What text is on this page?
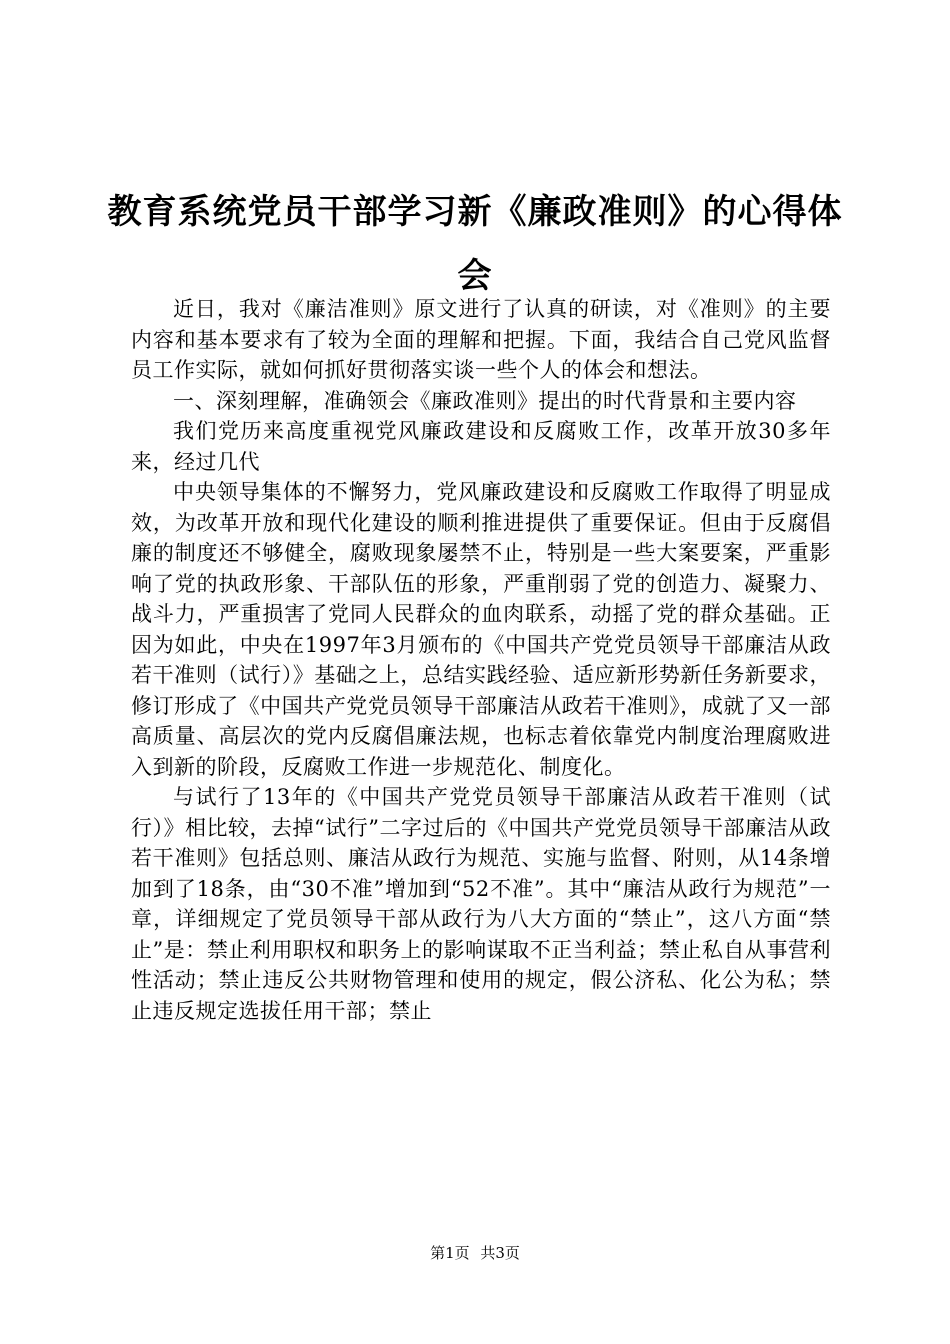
教育系统党员干部学习新《廉政准则》的心得体会

近日，我对《廉洁准则》原文进行了认真的研读，对《准则》的主要内容和基本要求有了较为全面的理解和把握。下面，我结合自己党风监督员工作实际，就如何抓好贯彻落实谈一些个人的体会和想法。

一、深刻理解，准确领会《廉政准则》提出的时代背景和主要内容

我们党历来高度重视党风廉政建设和反腐败工作，改革开放30多年来，经过几代

中央领导集体的不懈努力，党风廉政建设和反腐败工作取得了明显成效，为改革开放和现代化建设的顺利推进提供了重要保证。但由于反腐倡廉的制度还不够健全，腐败现象屡禁不止，特别是一些大案要案，严重影响了党的执政形象、干部队伍的形象，严重削弱了党的创造力、凝聚力、战斗力，严重损害了党同人民群众的血肉联系，动摇了党的群众基础。正因为如此，中央在1997年3月颁布的《中国共产党党员领导干部廉洁从政若干准则（试行）》基础之上，总结实践经验、适应新形势新任务新要求，修订形成了《中国共产党党员领导干部廉洁从政若干准则》，成就了又一部高质量、高层次的党内反腐倡廉法规，也标志着依靠党内制度治理腐败进入到新的阶段，反腐败工作进一步规范化、制度化。

与试行了13年的《中国共产党党员领导干部廉洁从政若干准则（试行）》相比较，去掉“试行”二字过后的《中国共产党党员领导干部廉洁从政若干准则》包括总则、廉洁从政行为规范、实施与监督、附则，从14条增加到了18条，由“30不准”增加到“52不准”。其中“廉洁从政行为规范”一章，详细规定了党员领导干部从政行为八大方面的“禁止”，这八方面“禁止”是：禁止利用职权和职务上的影响谋取不正当利益；禁止私自从事营利性活动；禁止违反公共财物管理和使用的规定，假公济私、化公为私；禁止违反规定选拔任用干部；禁止

第1页 共3页
